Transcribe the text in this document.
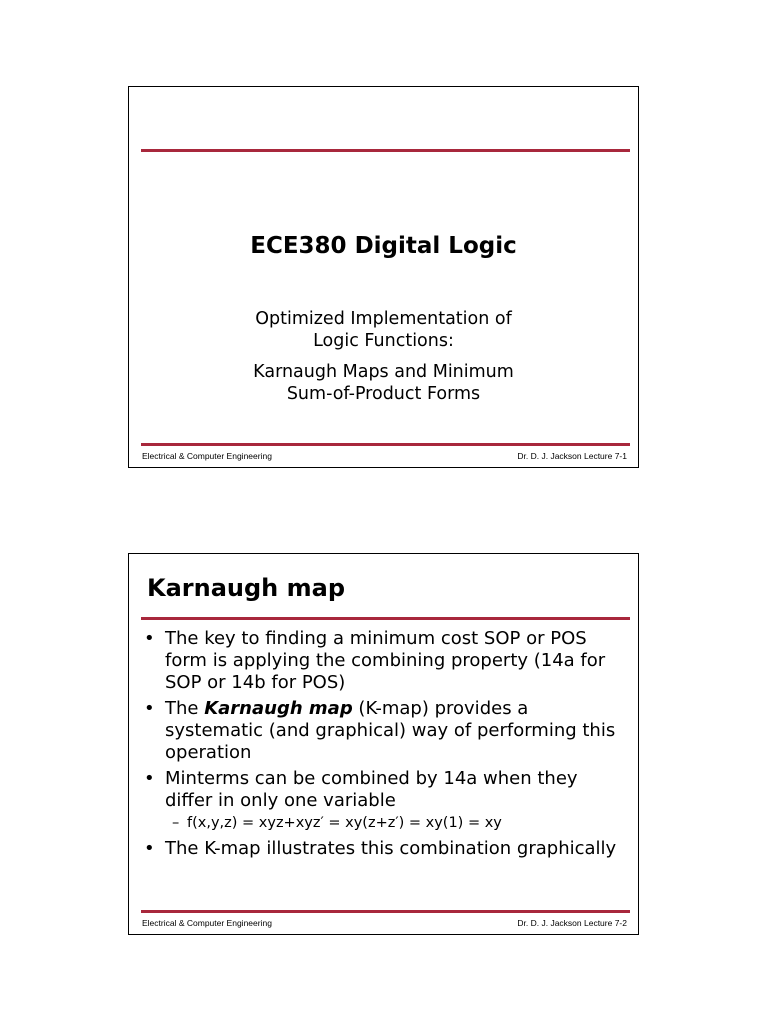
ECE380 Digital Logic
Optimized Implementation of
Logic Functions:
Karnaugh Maps and Minimum
Sum-of-Product Forms
Electrical & Computer Engineering	Dr. D. J. Jackson Lecture 7-1
Karnaugh map
• The key to finding a minimum cost SOP or POS form is applying the combining property (14a for SOP or 14b for POS)
• The Karnaugh map (K-map) provides a systematic (and graphical) way of performing this operation
• Minterms can be combined by 14a when they differ in only one variable
– f(x,y,z) = xyz+xyz′ = xy(z+z′) = xy(1) = xy
• The K-map illustrates this combination graphically
Electrical & Computer Engineering	Dr. D. J. Jackson Lecture 7-2
